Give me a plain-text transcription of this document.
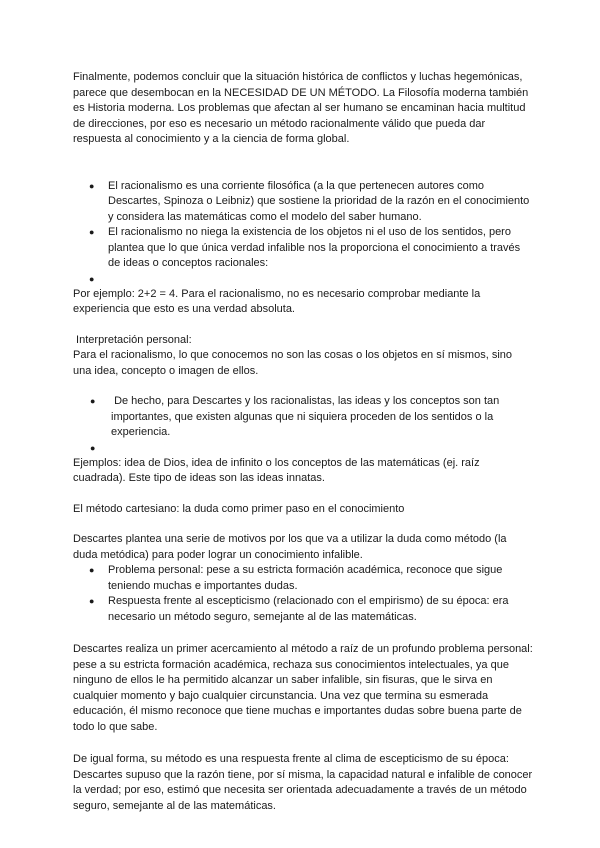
Finalmente, podemos concluir que la situación histórica de conflictos y luchas hegemónicas, parece que desembocan en la NECESIDAD DE UN MÉTODO. La Filosofía moderna también es Historia moderna. Los problemas que afectan al ser humano se encaminan hacia multitud de direcciones, por eso es necesario un método racionalmente válido que pueda dar respuesta al conocimiento y a la ciencia de forma global.

● El racionalismo es una corriente filosófica (a la que pertenecen autores como Descartes, Spinoza o Leibniz) que sostiene la prioridad de la razón en el conocimiento y considera las matemáticas como el modelo del saber humano.
● El racionalismo no niega la existencia de los objetos ni el uso de los sentidos, pero plantea que lo que única verdad infalible nos la proporciona el conocimiento a través de ideas o conceptos racionales:
●

Por ejemplo: 2+2 = 4. Para el racionalismo, no es necesario comprobar mediante la experiencia que esto es una verdad absoluta.

Interpretación personal:

Para el racionalismo, lo que conocemos no son las cosas o los objetos en sí mismos, sino una idea, concepto o imagen de ellos.

● De hecho, para Descartes y los racionalistas, las ideas y los conceptos son tan importantes, que existen algunas que ni siquiera proceden de los sentidos o la experiencia.
●

Ejemplos: idea de Dios, idea de infinito o los conceptos de las matemáticas (ej. raíz cuadrada). Este tipo de ideas son las ideas innatas.

El método cartesiano: la duda como primer paso en el conocimiento

Descartes plantea una serie de motivos por los que va a utilizar la duda como método (la duda metódica) para poder lograr un conocimiento infalible.

● Problema personal: pese a su estricta formación académica, reconoce que sigue teniendo muchas e importantes dudas.
● Respuesta frente al escepticismo (relacionado con el empirismo) de su época: era necesario un método seguro, semejante al de las matemáticas.

Descartes realiza un primer acercamiento al método a raíz de un profundo problema personal: pese a su estricta formación académica, rechaza sus conocimientos intelectuales, ya que ninguno de ellos le ha permitido alcanzar un saber infalible, sin fisuras, que le sirva en cualquier momento y bajo cualquier circunstancia. Una vez que termina su esmerada educación, él mismo reconoce que tiene muchas e importantes dudas sobre buena parte de todo lo que sabe.

De igual forma, su método es una respuesta frente al clima de escepticismo de su época: Descartes supuso que la razón tiene, por sí misma, la capacidad natural e infalible de conocer la verdad; por eso, estimó que necesita ser orientada adecuadamente a través de un método seguro, semejante al de las matemáticas.
